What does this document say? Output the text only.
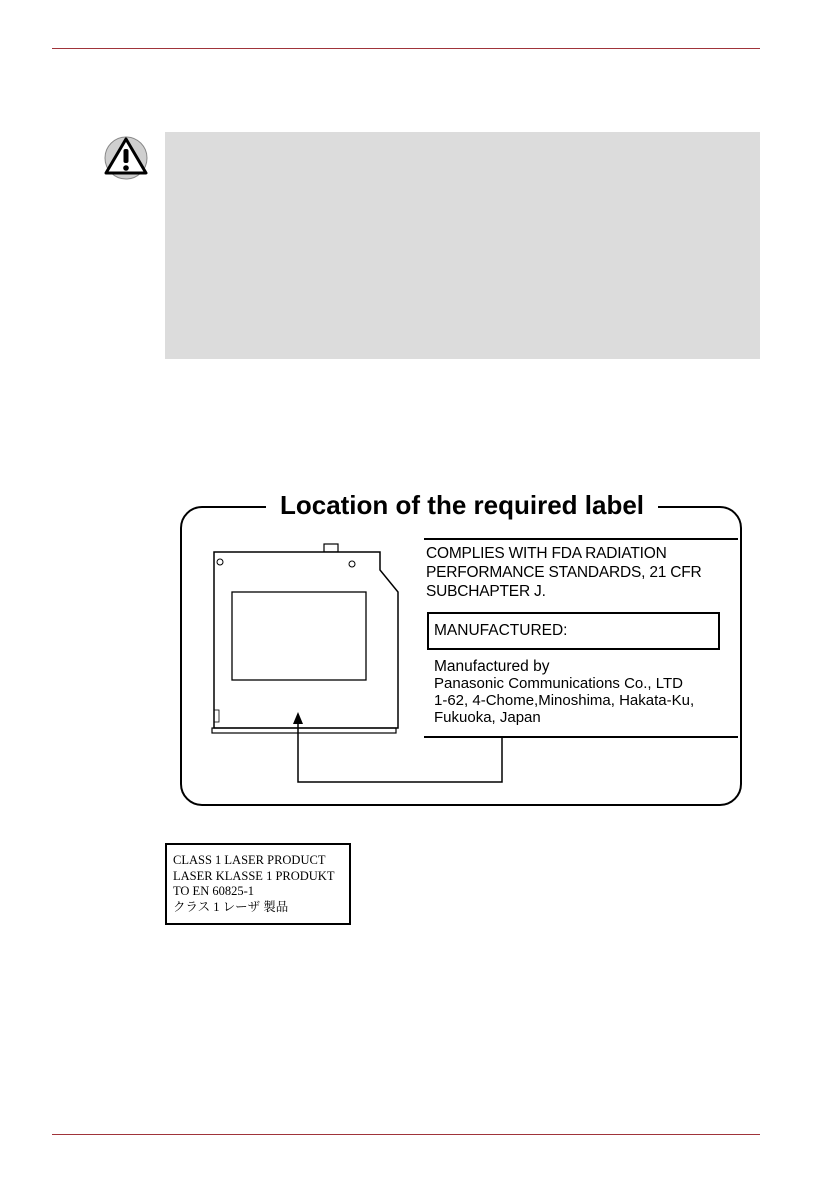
Location of the required label
COMPLIES WITH FDA RADIATION
PERFORMANCE STANDARDS, 21 CFR
SUBCHAPTER J.
MANUFACTURED:
Manufactured by
Panasonic Communications Co., LTD
1-62, 4-Chome,Minoshima, Hakata-Ku,
Fukuoka, Japan
CLASS 1 LASER PRODUCT
LASER KLASSE 1 PRODUKT
TO EN 60825-1
クラス 1 レーザ 製品
